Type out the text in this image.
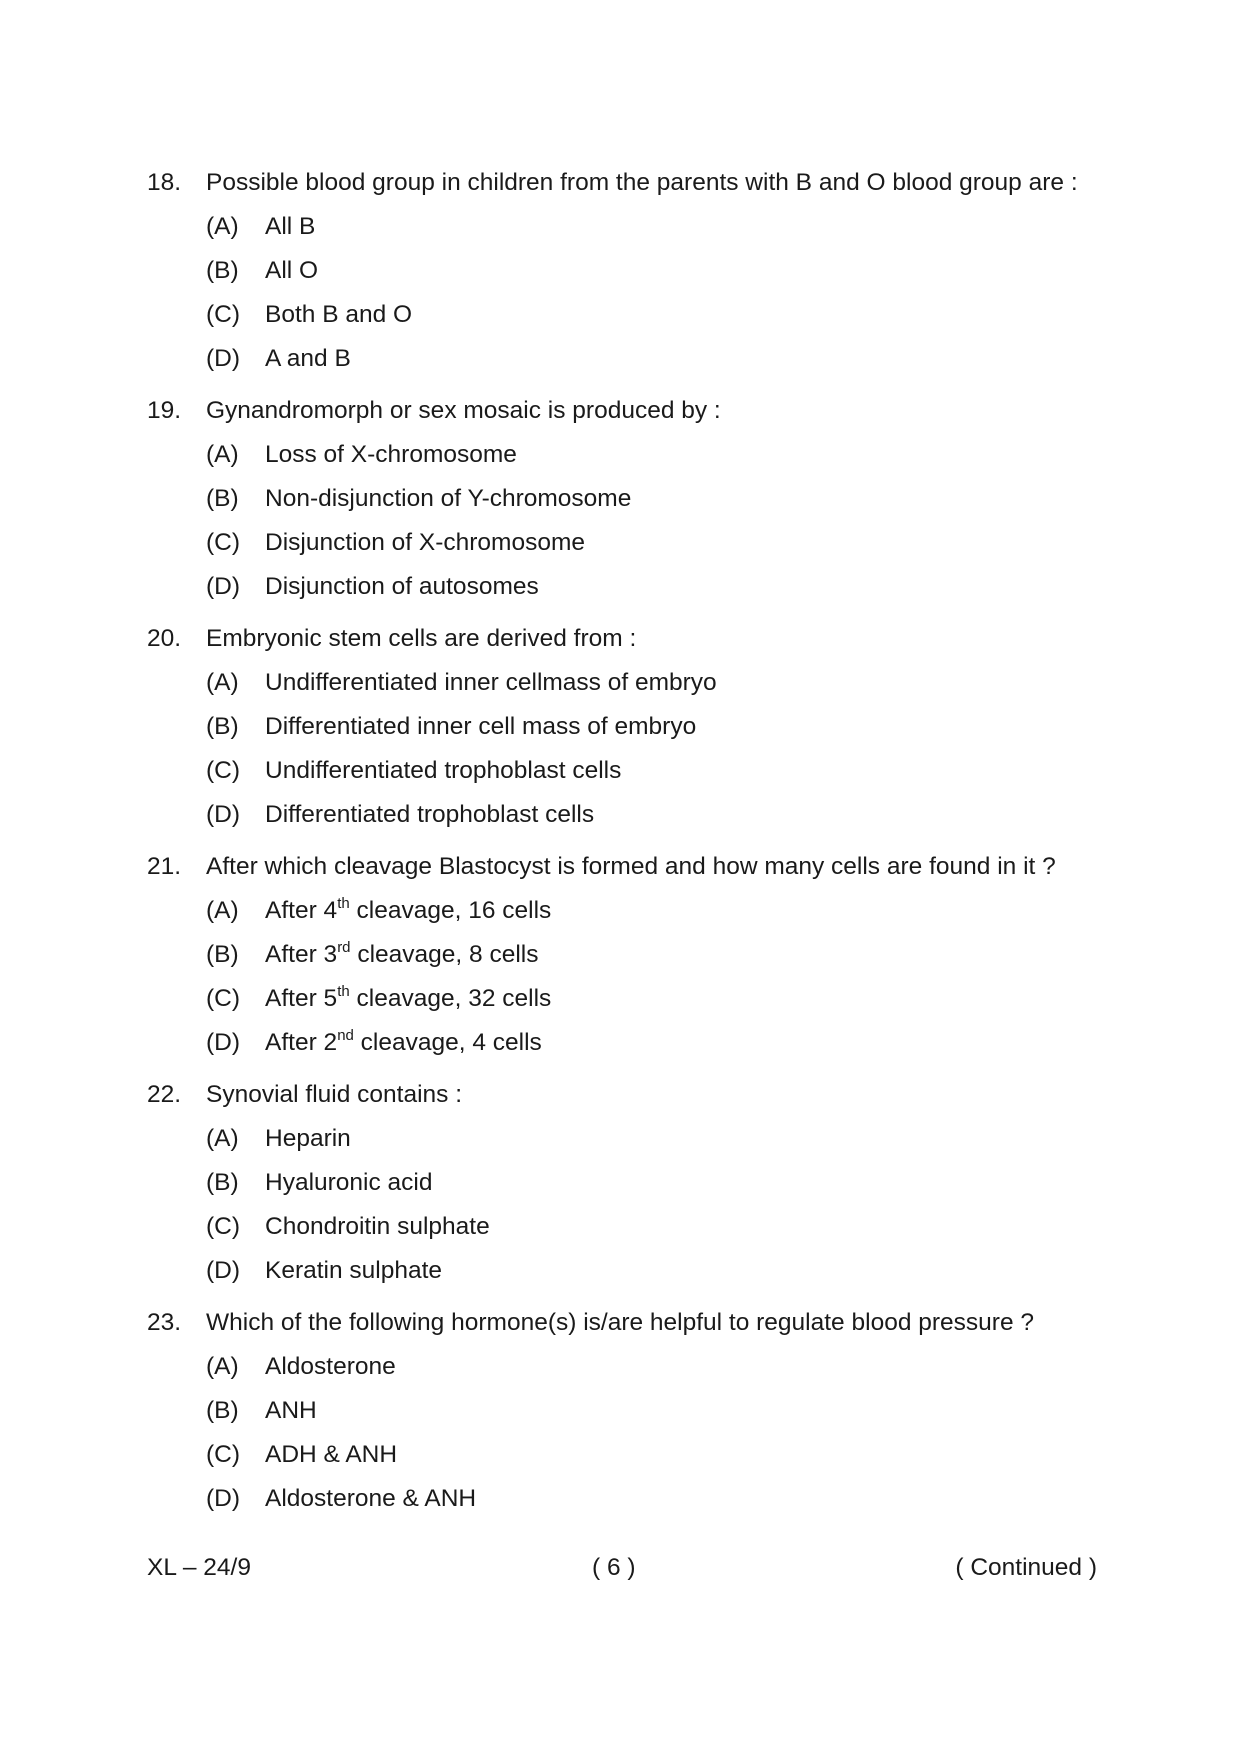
18.	Possible blood group in children from the parents with B and O blood group are :
(A)	All B
(B)	All O
(C)	Both B and O
(D)	A and B
19.	Gynandromorph or sex mosaic is produced by :
(A)	Loss of X-chromosome
(B)	Non-disjunction of Y-chromosome
(C)	Disjunction of X-chromosome
(D)	Disjunction of autosomes
20.	Embryonic stem cells are derived from :
(A)	Undifferentiated inner cellmass of embryo
(B)	Differentiated inner cell mass of embryo
(C)	Undifferentiated trophoblast cells
(D)	Differentiated trophoblast cells
21.	After which cleavage Blastocyst is formed and how many cells are found in it ?
(A)	After 4th cleavage, 16 cells
(B)	After 3rd cleavage, 8 cells
(C)	After 5th cleavage, 32 cells
(D)	After 2nd cleavage, 4 cells
22.	Synovial fluid contains :
(A)	Heparin
(B)	Hyaluronic acid
(C)	Chondroitin sulphate
(D)	Keratin sulphate
23.	Which of the following hormone(s) is/are helpful to regulate blood pressure ?
(A)	Aldosterone
(B)	ANH
(C)	ADH & ANH
(D)	Aldosterone & ANH
XL – 24/9	( 6 )	( Continued )
